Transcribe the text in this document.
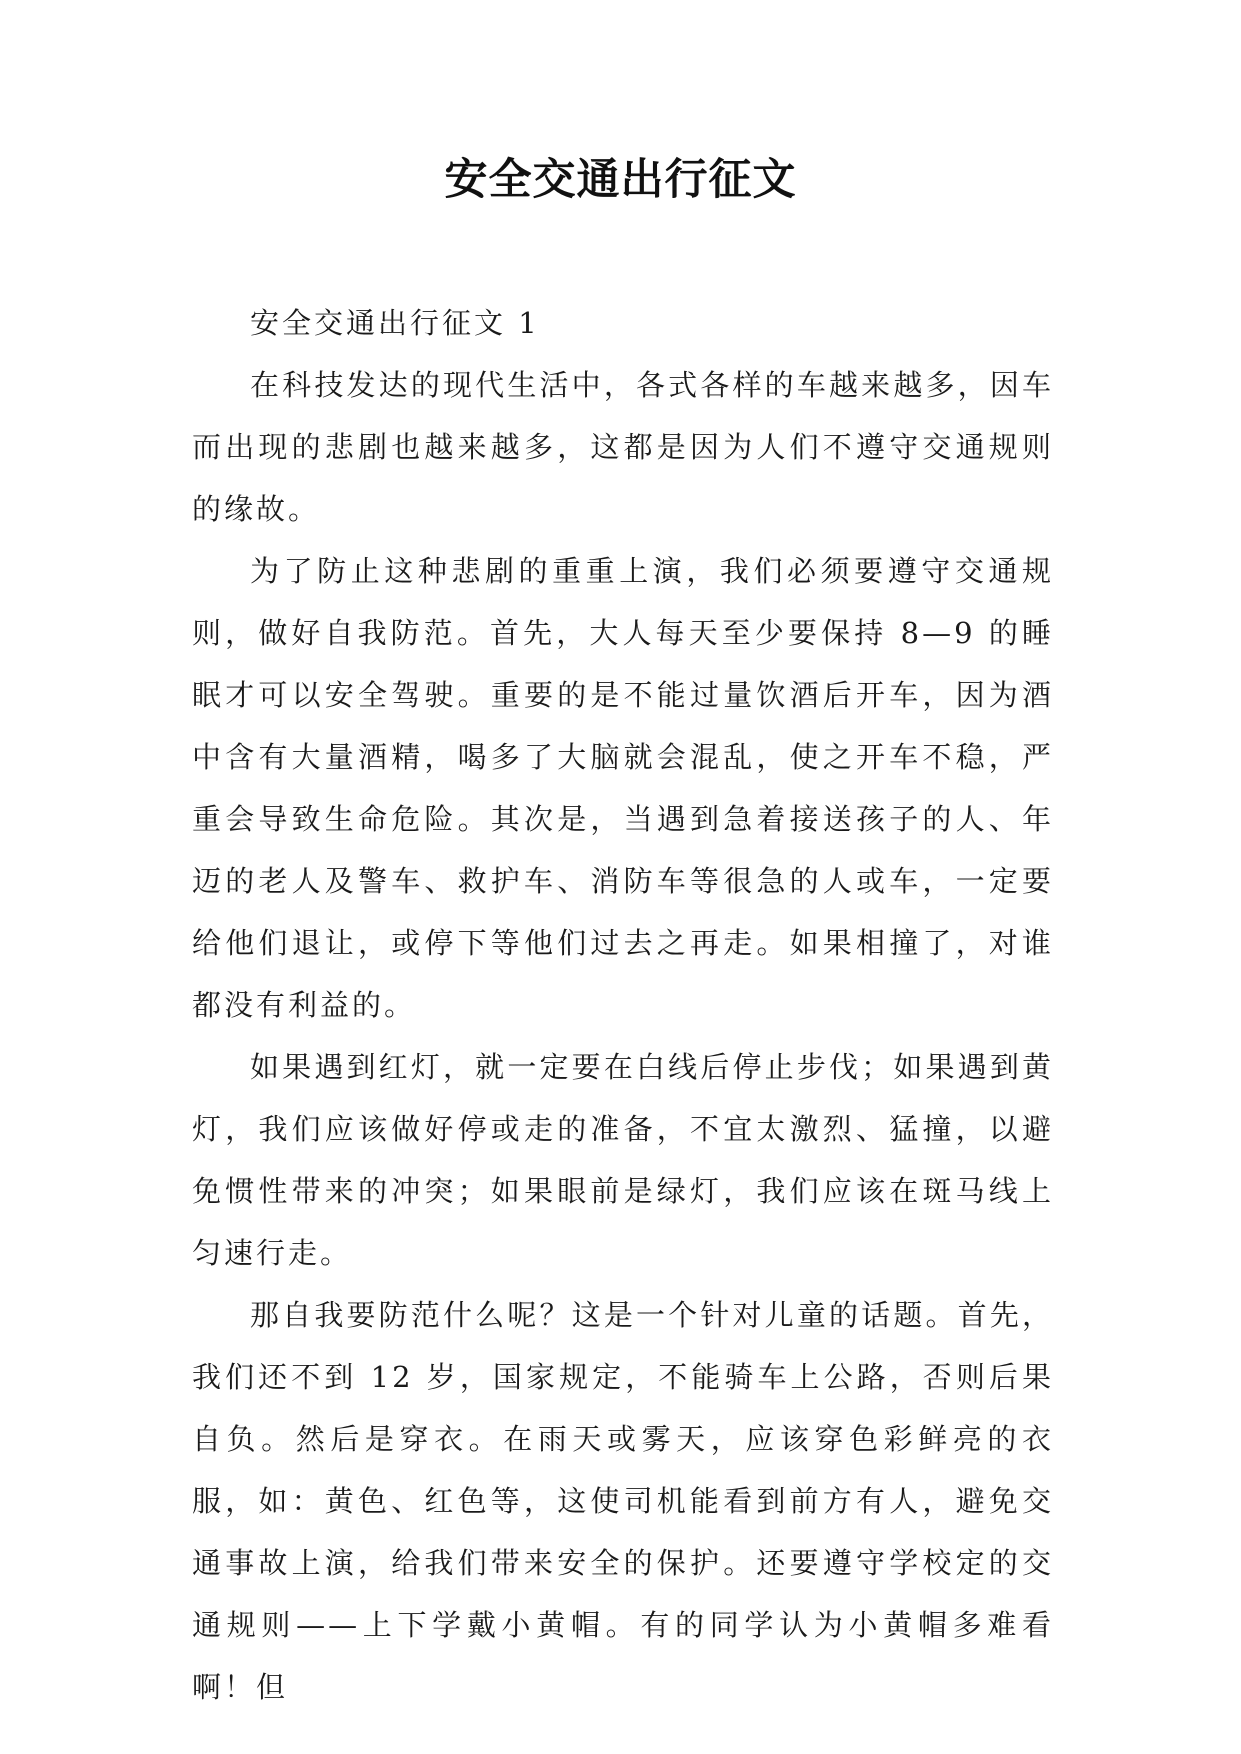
安全交通出行征文

安全交通出行征文 1

在科技发达的现代生活中，各式各样的车越来越多，因车而出现的悲剧也越来越多，这都是因为人们不遵守交通规则的缘故。

为了防止这种悲剧的重重上演，我们必须要遵守交通规则，做好自我防范。首先，大人每天至少要保持 8—9 的睡眠才可以安全驾驶。重要的是不能过量饮酒后开车，因为酒中含有大量酒精，喝多了大脑就会混乱，使之开车不稳，严重会导致生命危险。其次是，当遇到急着接送孩子的人、年迈的老人及警车、救护车、消防车等很急的人或车，一定要给他们退让，或停下等他们过去之再走。如果相撞了，对谁都没有利益的。

如果遇到红灯，就一定要在白线后停止步伐；如果遇到黄灯，我们应该做好停或走的准备，不宜太激烈、猛撞，以避免惯性带来的冲突；如果眼前是绿灯，我们应该在斑马线上匀速行走。

那自我要防范什么呢？这是一个针对儿童的话题。首先，我们还不到 12 岁，国家规定，不能骑车上公路，否则后果自负。然后是穿衣。在雨天或雾天，应该穿色彩鲜亮的衣服，如：黄色、红色等，这使司机能看到前方有人，避免交通事故上演，给我们带来安全的保护。还要遵守学校定的交通规则——上下学戴小黄帽。有的同学认为小黄帽多难看啊！但
